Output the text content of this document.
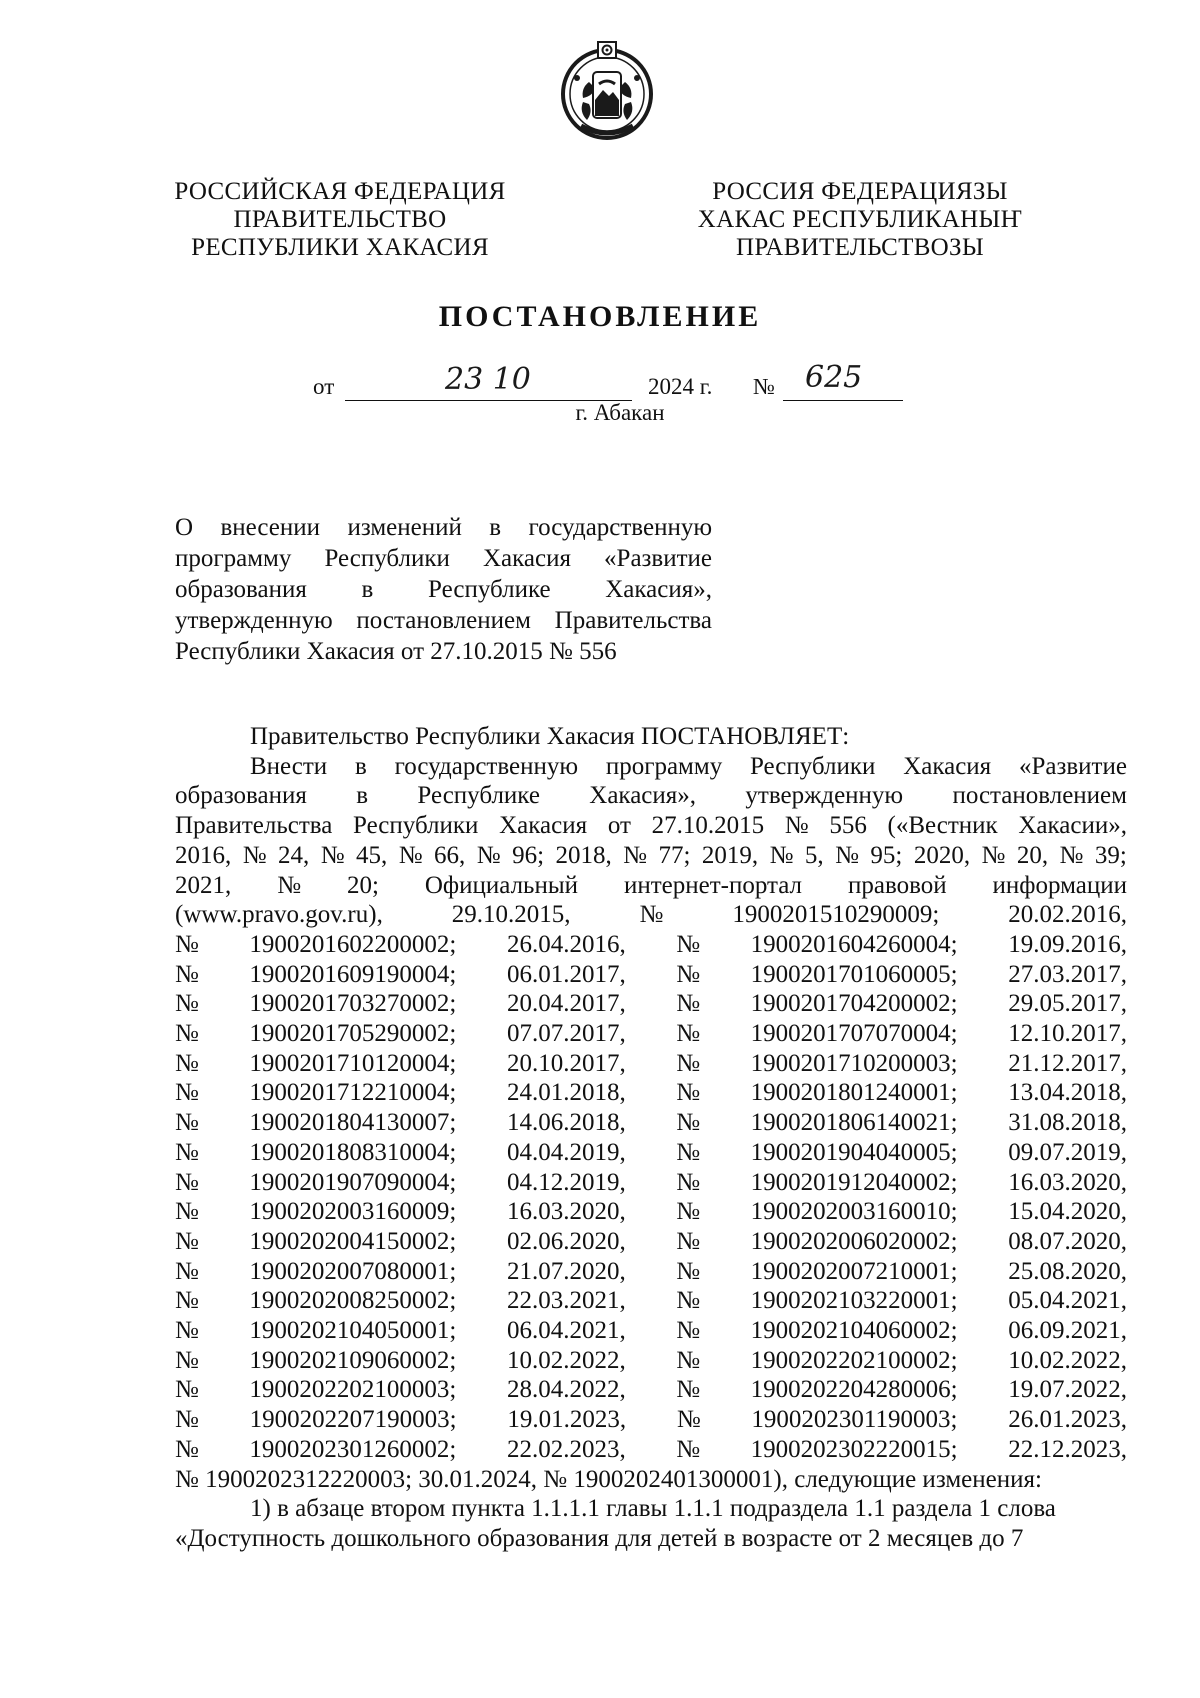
РОССИЙСКАЯ ФЕДЕРАЦИЯ
ПРАВИТЕЛЬСТВО
РЕСПУБЛИКИ ХАКАСИЯ
РОССИЯ ФЕДЕРАЦИЯЗЫ
ХАКАС РЕСПУБЛИКАНЫҤ
ПРАВИТЕЛЬСТВОЗЫ
ПОСТАНОВЛЕНИЕ
от	23 10	2024 г. № 625
г. Абакан
О внесении изменений в государственную
программу Республики Хакасия «Развитие
образования в Республике Хакасия»,
утвержденную постановлением Правительства
Республики Хакасия от 27.10.2015 № 556
Правительство Республики Хакасия ПОСТАНОВЛЯЕТ:
Внести в государственную программу Республики Хакасия «Развитие
образования в Республике Хакасия», утвержденную постановлением
Правительства Республики Хакасия от 27.10.2015 № 556 («Вестник Хакасии»,
2016, № 24, № 45, № 66, № 96; 2018, № 77; 2019, № 5, № 95; 2020, № 20, № 39;
2021, № 20; Официальный интернет-портал правовой информации
(www.pravo.gov.ru),	29.10.2015,	№	1900201510290009;	20.02.2016,
№ 1900201602200002; 26.04.2016, № 1900201604260004; 19.09.2016,
№ 1900201609190004; 06.01.2017, № 1900201701060005; 27.03.2017,
№ 1900201703270002; 20.04.2017, № 1900201704200002; 29.05.2017,
№ 1900201705290002; 07.07.2017, № 1900201707070004; 12.10.2017,
№ 1900201710120004; 20.10.2017, № 1900201710200003; 21.12.2017,
№ 1900201712210004; 24.01.2018, № 1900201801240001; 13.04.2018,
№ 1900201804130007; 14.06.2018, № 1900201806140021; 31.08.2018,
№ 1900201808310004; 04.04.2019, № 1900201904040005; 09.07.2019,
№ 1900201907090004; 04.12.2019, № 1900201912040002; 16.03.2020,
№ 1900202003160009; 16.03.2020, № 1900202003160010; 15.04.2020,
№ 1900202004150002; 02.06.2020, № 1900202006020002; 08.07.2020,
№ 1900202007080001; 21.07.2020, № 1900202007210001; 25.08.2020,
№ 1900202008250002; 22.03.2021, № 1900202103220001; 05.04.2021,
№ 1900202104050001; 06.04.2021, № 1900202104060002; 06.09.2021,
№ 1900202109060002; 10.02.2022, № 1900202202100002; 10.02.2022,
№ 1900202202100003; 28.04.2022, № 1900202204280006; 19.07.2022,
№ 1900202207190003; 19.01.2023, № 1900202301190003; 26.01.2023,
№ 1900202301260002; 22.02.2023, № 1900202302220015; 22.12.2023,
№ 1900202312220003; 30.01.2024, № 1900202401300001), следующие изменения:
1) в абзаце втором пункта 1.1.1.1 главы 1.1.1 подраздела 1.1 раздела 1 слова
«Доступность дошкольного образования для детей в возрасте от 2 месяцев до 7
